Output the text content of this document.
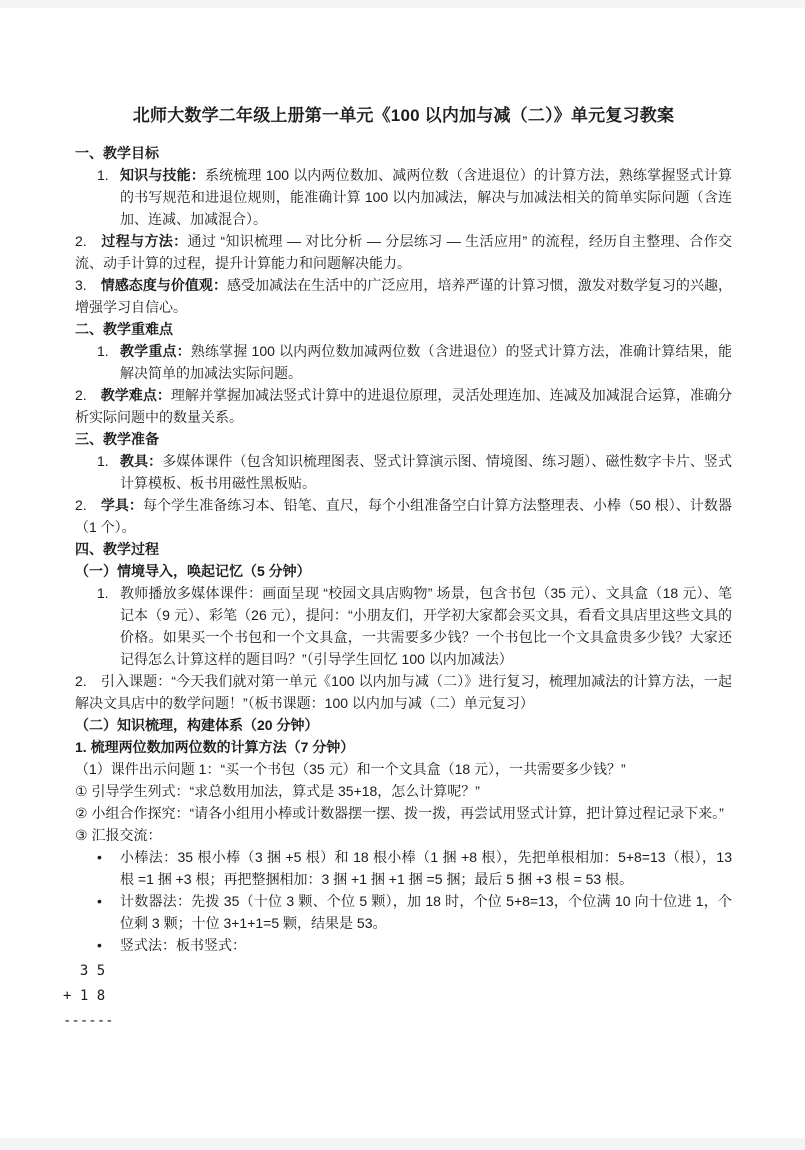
北师大数学二年级上册第一单元《100 以内加与减（二）》单元复习教案
一、教学目标
1. 知识与技能：系统梳理 100 以内两位数加、减两位数（含进退位）的计算方法，熟练掌握竖式计算的书写规范和进退位规则，能准确计算 100 以内加减法，解决与加减法相关的简单实际问题（含连加、连减、加减混合）。
2.　过程与方法：通过 “知识梳理 — 对比分析 — 分层练习 — 生活应用” 的流程，经历自主整理、合作交流、动手计算的过程，提升计算能力和问题解决能力。
3.　情感态度与价值观：感受加减法在生活中的广泛应用，培养严谨的计算习惯，激发对数学复习的兴趣，增强学习自信心。
二、教学重难点
1. 教学重点：熟练掌握 100 以内两位数加减两位数（含进退位）的竖式计算方法，准确计算结果，能解决简单的加减法实际问题。
2.　教学难点：理解并掌握加减法竖式计算中的进退位原理，灵活处理连加、连减及加减混合运算，准确分析实际问题中的数量关系。
三、教学准备
1. 教具：多媒体课件（包含知识梳理图表、竖式计算演示图、情境图、练习题）、磁性数字卡片、竖式计算模板、板书用磁性黑板贴。
2.　学具：每个学生准备练习本、铅笔、直尺，每个小组准备空白计算方法整理表、小棒（50 根）、计数器（1 个）。
四、教学过程
（一）情境导入，唤起记忆（5 分钟）
1. 教师播放多媒体课件：画面呈现 “校园文具店购物” 场景，包含书包（35 元）、文具盒（18 元）、笔记本（9 元）、彩笔（26 元），提问：“小朋友们，开学初大家都会买文具，看看文具店里这些文具的价格。如果买一个书包和一个文具盒，一共需要多少钱？一个书包比一个文具盒贵多少钱？大家还记得怎么计算这样的题目吗？”（引导学生回忆 100 以内加减法）
2.　引入课题：“今天我们就对第一单元《100 以内加与减（二）》进行复习，梳理加减法的计算方法，一起解决文具店中的数学问题！”（板书课题：100 以内加与减（二）单元复习）
（二）知识梳理，构建体系（20 分钟）
1. 梳理两位数加两位数的计算方法（7 分钟）
（1）课件出示问题 1：“买一个书包（35 元）和一个文具盒（18 元），一共需要多少钱？”
① 引导学生列式：“求总数用加法，算式是 35+18，怎么计算呢？”
② 小组合作探究：“请各小组用小棒或计数器摆一摆、拨一拨，再尝试用竖式计算，把计算过程记录下来。”
③ 汇报交流：
• 小棒法：35 根小棒（3 捆 +5 根）和 18 根小棒（1 捆 +8 根），先把单根相加：5+8=13（根），13 根 =1 捆 +3 根；再把整捆相加：3 捆 +1 捆 +1 捆 =5 捆；最后 5 捆 +3 根 = 53 根。
• 计数器法：先拨 35（十位 3 颗、个位 5 颗），加 18 时，个位 5+8=13，个位满 10 向十位进 1，个位剩 3 颗；十位 3+1+1=5 颗，结果是 53。
• 竖式法：板书竖式：
3 5
+ 1 8
------
